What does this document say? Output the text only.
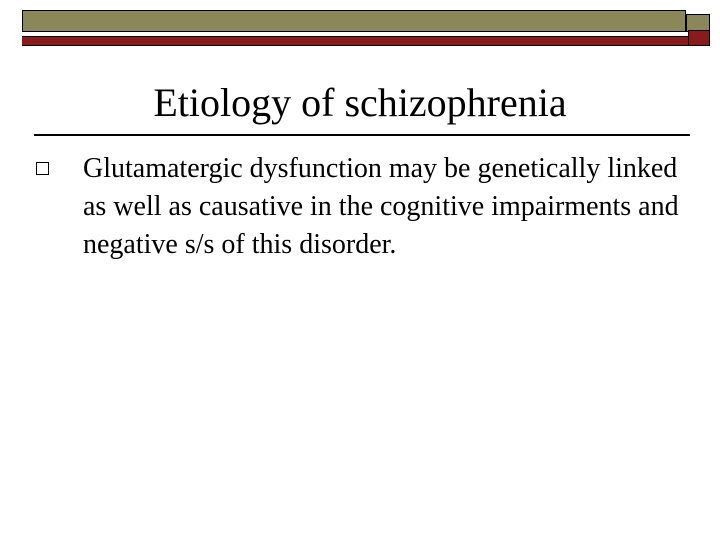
Etiology of schizophrenia
Glutamatergic dysfunction may be genetically linked as well as causative in the cognitive impairments and negative s/s of this disorder.
